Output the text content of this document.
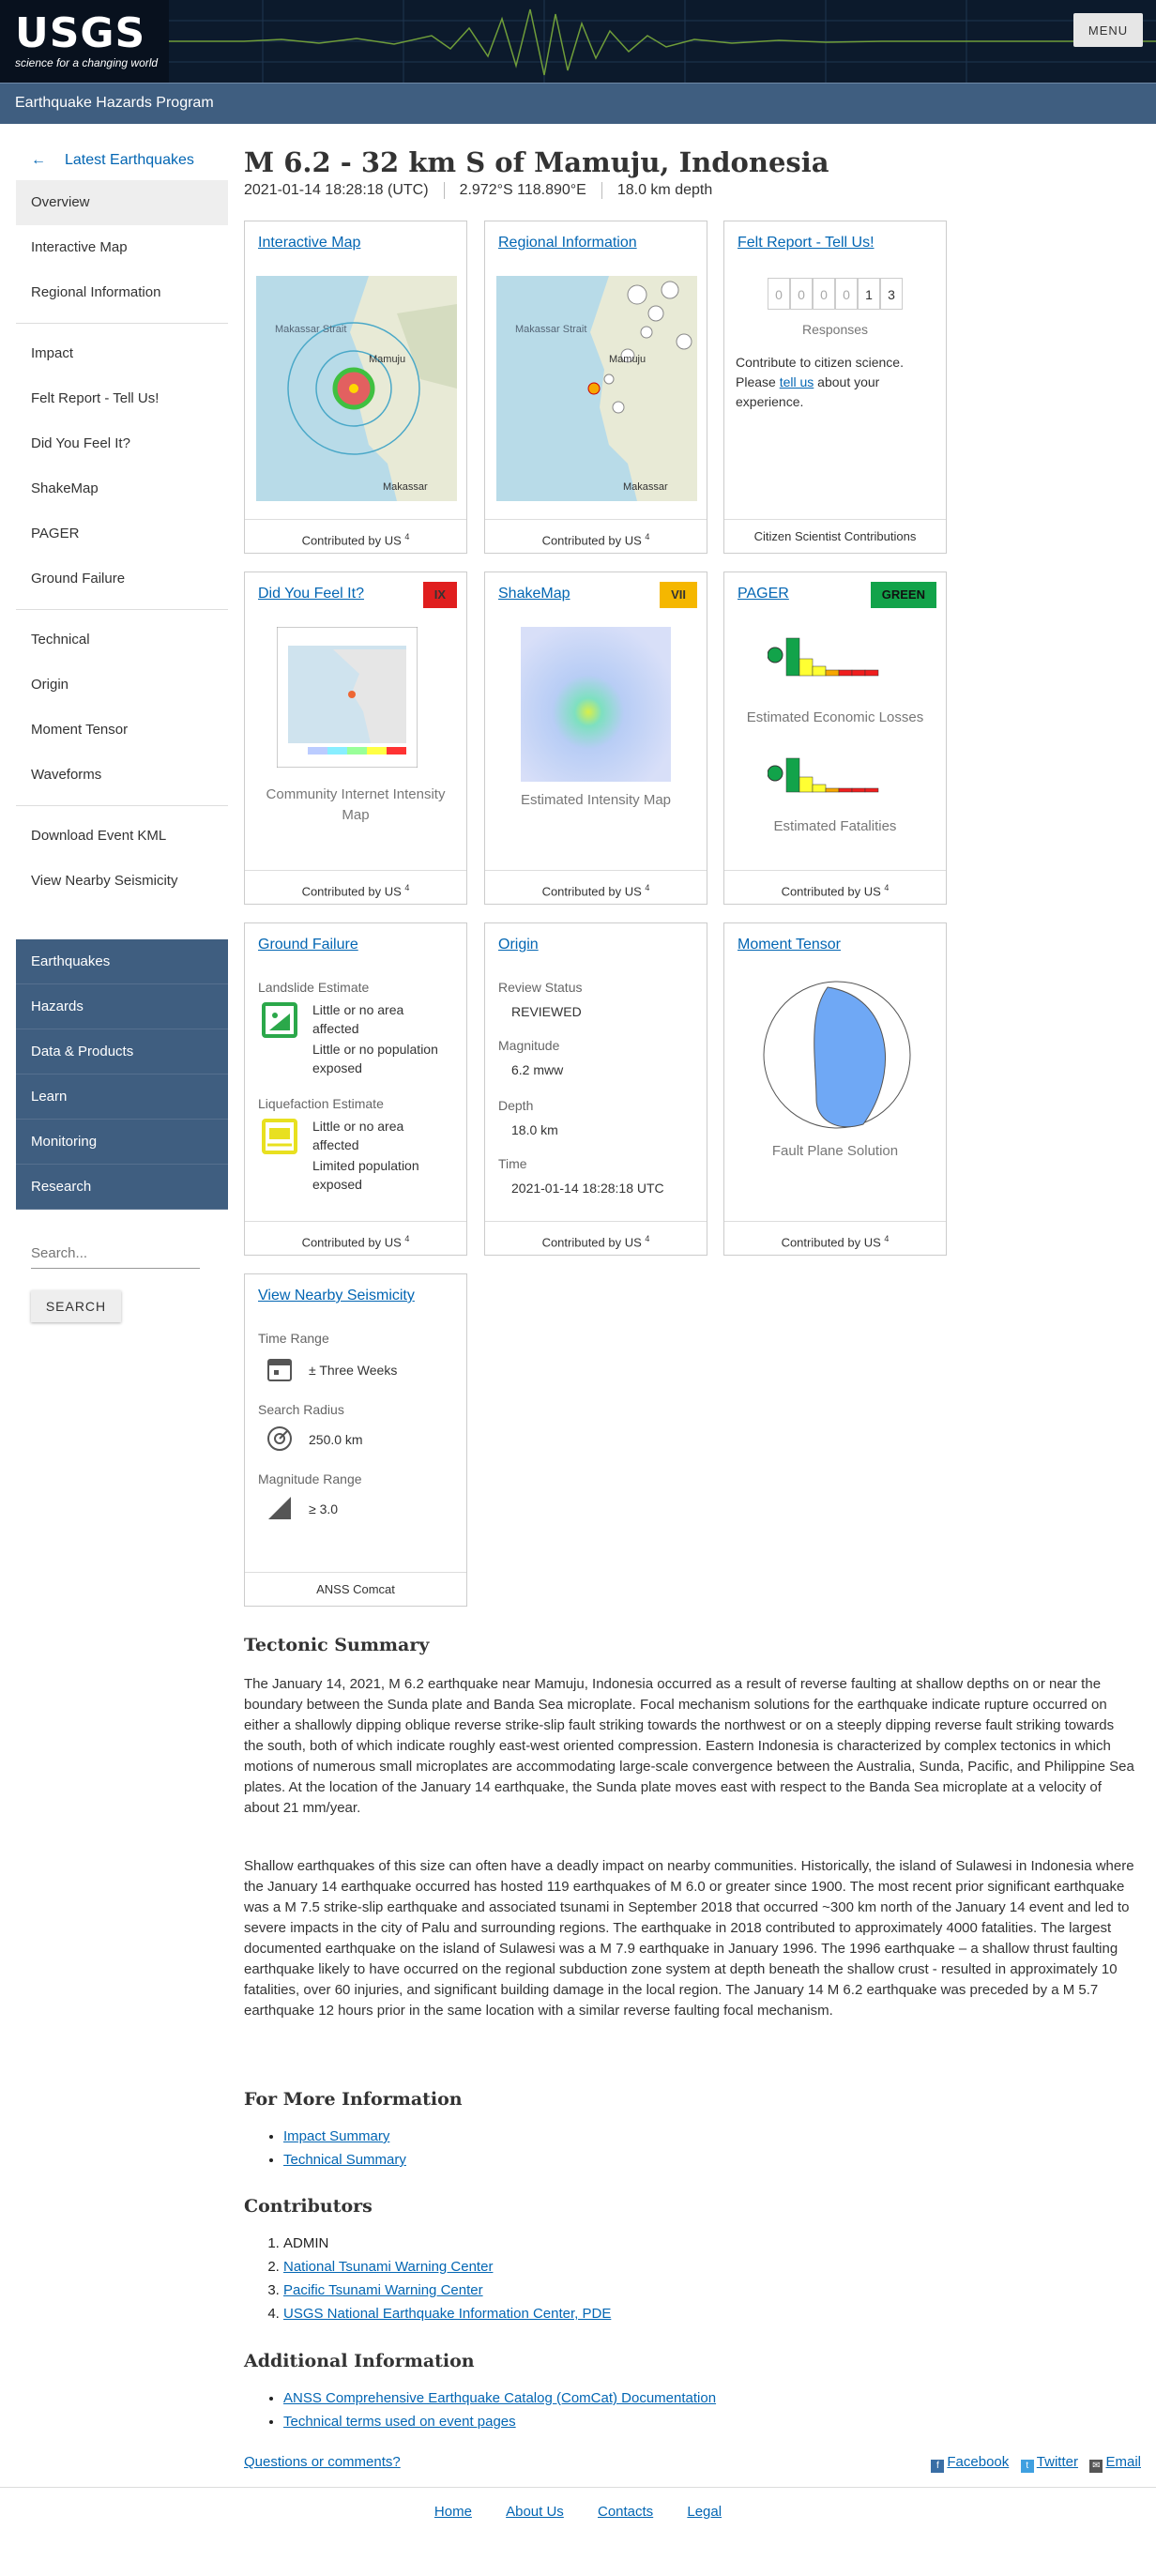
USGS
science for a changing world
MENU
Earthquake Hazards Program
← Latest Earthquakes
Overview
Interactive Map
Regional Information
Impact
Felt Report - Tell Us!
Did You Feel It?
ShakeMap
PAGER
Ground Failure
Technical
Origin
Moment Tensor
Waveforms
Download Event KML
View Nearby Seismicity
Earthquakes
Hazards
Data & Products
Learn
Monitoring
Research
Search...
SEARCH
M 6.2 - 32 km S of Mamuju, Indonesia
2021-01-14 18:28:18 (UTC) 2.972°S 118.890°E 18.0 km depth
Interactive Map
Makassar Strait
Mamuju
Makassar
Contributed by US $^4$
Regional Information
Makassar Strait
Mamuju
Makassar
Contributed by US $^4$
Felt Report - Tell Us!
0	0	0	0	1	3
Responses
Contribute to citizen science. Please tell us about your experience.
Citizen Scientist Contributions
Did You Feel It?	IX
Community Internet Intensity Map
Contributed by US $^4$
ShakeMap	VII
Estimated Intensity Map
Contributed by US $^4$
PAGER	GREEN
Estimated Economic Losses
Estimated Fatalities
Contributed by US $^4$
Ground Failure
Landslide Estimate
Little or no area affected
Little or no population exposed
Liquefaction Estimate
Little or no area affected
Limited population exposed
Contributed by US $^4$
Origin
Review Status
REVIEWED
Magnitude
6.2 mww
Depth
18.0 km
Time
2021-01-14 18:28:18 UTC
Contributed by US $^4$
Moment Tensor
Fault Plane Solution
Contributed by US $^4$
View Nearby Seismicity
Time Range
± Three Weeks
Search Radius
250.0 km
Magnitude Range
≥ 3.0
ANSS Comcat
Tectonic Summary
The January 14, 2021, M 6.2 earthquake near Mamuju, Indonesia occurred as a result of reverse faulting at shallow depths on or near the boundary between the Sunda plate and Banda Sea microplate. Focal mechanism solutions for the earthquake indicate rupture occurred on either a shallowly dipping oblique reverse strike-slip fault striking towards the northwest or on a steeply dipping reverse fault striking towards the south, both of which indicate roughly east-west oriented compression. Eastern Indonesia is characterized by complex tectonics in which motions of numerous small microplates are accommodating large-scale convergence between the Australia, Sunda, Pacific, and Philippine Sea plates. At the location of the January 14 earthquake, the Sunda plate moves east with respect to the Banda Sea microplate at a velocity of about 21 mm/year.
Shallow earthquakes of this size can often have a deadly impact on nearby communities. Historically, the island of Sulawesi in Indonesia where the January 14 earthquake occurred has hosted 119 earthquakes of M 6.0 or greater since 1900. The most recent prior significant earthquake was a M 7.5 strike-slip earthquake and associated tsunami in September 2018 that occurred ~300 km north of the January 14 event and led to severe impacts in the city of Palu and surrounding regions. The earthquake in 2018 contributed to approximately 4000 fatalities. The largest documented earthquake on the island of Sulawesi was a M 7.9 earthquake in January 1996. The 1996 earthquake – a shallow thrust faulting earthquake likely to have occurred on the regional subduction zone system at depth beneath the shallow crust - resulted in approximately 10 fatalities, over 60 injuries, and significant building damage in the local region. The January 14 M 6.2 earthquake was preceded by a M 5.7 earthquake 12 hours prior in the same location with a similar reverse faulting focal mechanism.
For More Information
• Impact Summary
• Technical Summary
Contributors
1. ADMIN
2. National Tsunami Warning Center
3. Pacific Tsunami Warning Center
4. USGS National Earthquake Information Center, PDE
Additional Information
• ANSS Comprehensive Earthquake Catalog (ComCat) Documentation
• Technical terms used on event pages
Questions or comments?	f Facebook t Twitter ✉ Email
Home About Us Contacts Legal
